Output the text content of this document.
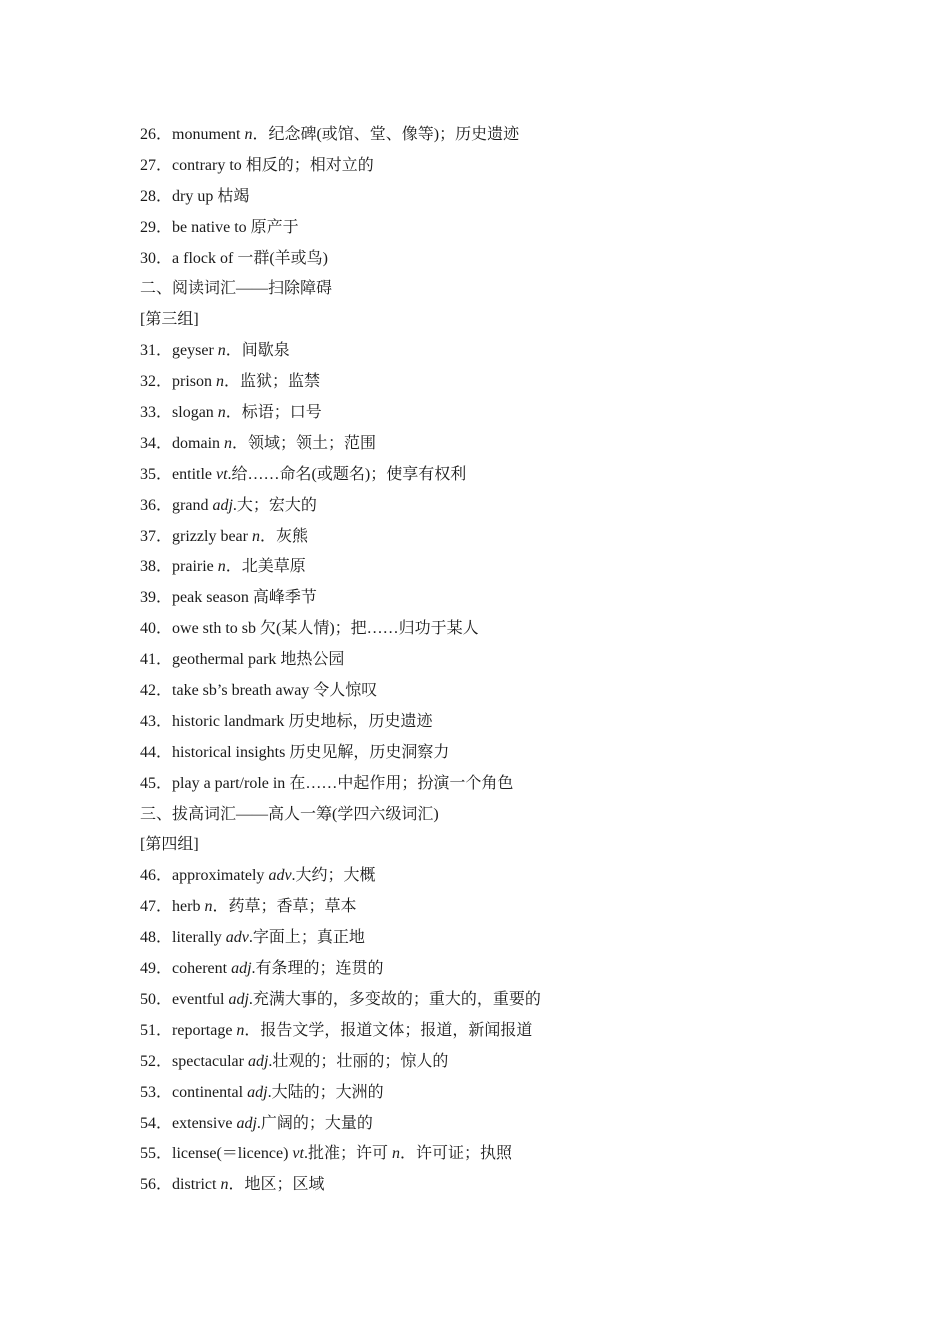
26．monument n．纪念碑(或馆、堂、像等)；历史遗迹
27．contrary to 相反的；相对立的
28．dry up 枯竭
29．be native to 原产于
30．a flock of 一群(羊或鸟)
二、阅读词汇——扫除障碍
[第三组]
31．geyser n．间歇泉
32．prison n．监狱；监禁
33．slogan n．标语；口号
34．domain n．领域；领土；范围
35．entitle vt.给……命名(或题名)；使享有权利
36．grand adj.大；宏大的
37．grizzly bear n．灰熊
38．prairie n．北美草原
39．peak season 高峰季节
40．owe sth to sb 欠(某人情)；把……归功于某人
41．geothermal park 地热公园
42．take sb’s breath away 令人惊叹
43．historic landmark 历史地标，历史遗迹
44．historical insights 历史见解，历史洞察力
45．play a part/role in 在……中起作用；扮演一个角色
三、拔高词汇——高人一筹(学四六级词汇)
[第四组]
46．approximately adv.大约；大概
47．herb n．药草；香草；草本
48．literally adv.字面上；真正地
49．coherent adj.有条理的；连贯的
50．eventful adj.充满大事的，多变故的；重大的，重要的
51．reportage n．报告文学，报道文体；报道，新闻报道
52．spectacular adj.壮观的；壮丽的；惊人的
53．continental adj.大陆的；大洲的
54．extensive adj.广阔的；大量的
55．license(＝licence) vt.批准；许可 n．许可证；执照
56．district n．地区；区域
